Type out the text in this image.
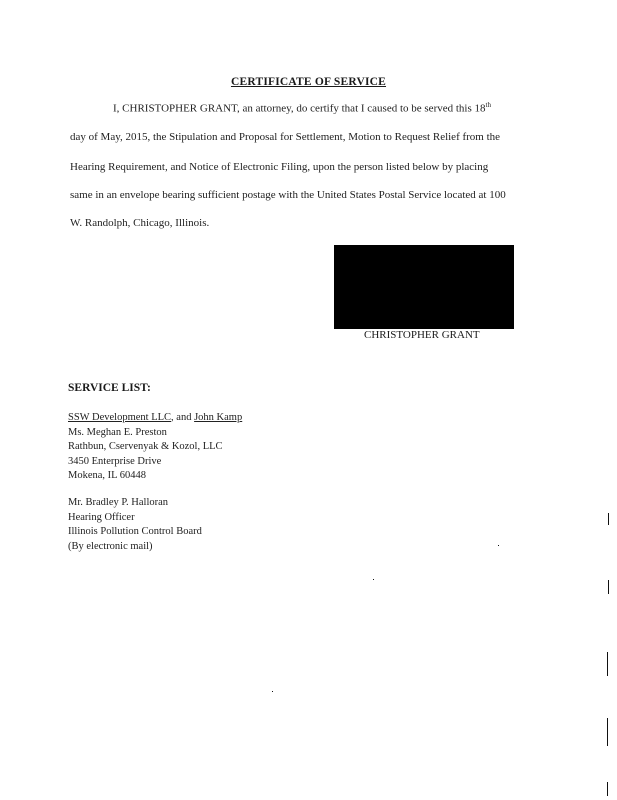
CERTIFICATE OF SERVICE
I, CHRISTOPHER GRANT, an attorney, do certify that I caused to be served this 18th
day of May, 2015, the Stipulation and Proposal for Settlement, Motion to Request Relief from the
Hearing Requirement, and Notice of Electronic Filing, upon the person listed below by placing
same in an envelope bearing sufficient postage with the United States Postal Service located at 100
W. Randolph, Chicago, Illinois.
CHRISTOPHER GRANT
SERVICE LIST:
SSW Development LLC, and John Kamp
Ms. Meghan E. Preston
Rathbun, Cservenyak & Kozol, LLC
3450 Enterprise Drive
Mokena, IL 60448
Mr. Bradley P. Halloran
Hearing Officer
Illinois Pollution Control Board
(By electronic mail)
